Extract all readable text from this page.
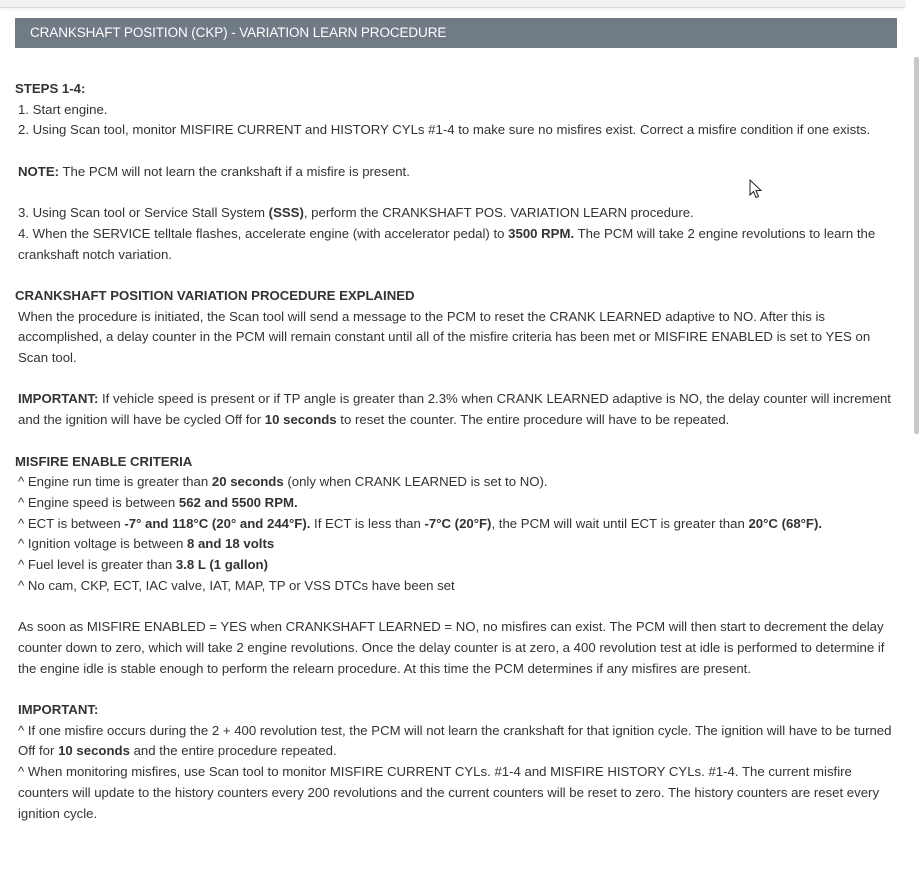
CRANKSHAFT POSITION (CKP) - VARIATION LEARN PROCEDURE
STEPS 1-4:
1. Start engine.
2. Using Scan tool, monitor MISFIRE CURRENT and HISTORY CYLs #1-4 to make sure no misfires exist. Correct a misfire condition if one exists.
NOTE: The PCM will not learn the crankshaft if a misfire is present.
3. Using Scan tool or Service Stall System (SSS), perform the CRANKSHAFT POS. VARIATION LEARN procedure.
4. When the SERVICE telltale flashes, accelerate engine (with accelerator pedal) to 3500 RPM. The PCM will take 2 engine revolutions to learn the crankshaft notch variation.
CRANKSHAFT POSITION VARIATION PROCEDURE EXPLAINED
When the procedure is initiated, the Scan tool will send a message to the PCM to reset the CRANK LEARNED adaptive to NO. After this is accomplished, a delay counter in the PCM will remain constant until all of the misfire criteria has been met or MISFIRE ENABLED is set to YES on Scan tool.
IMPORTANT: If vehicle speed is present or if TP angle is greater than 2.3% when CRANK LEARNED adaptive is NO, the delay counter will increment and the ignition will have be cycled Off for 10 seconds to reset the counter. The entire procedure will have to be repeated.
MISFIRE ENABLE CRITERIA
^ Engine run time is greater than 20 seconds (only when CRANK LEARNED is set to NO).
^ Engine speed is between 562 and 5500 RPM.
^ ECT is between -7° and 118°C (20° and 244°F). If ECT is less than -7°C (20°F), the PCM will wait until ECT is greater than 20°C (68°F).
^ Ignition voltage is between 8 and 18 volts
^ Fuel level is greater than 3.8 L (1 gallon)
^ No cam, CKP, ECT, IAC valve, IAT, MAP, TP or VSS DTCs have been set
As soon as MISFIRE ENABLED = YES when CRANKSHAFT LEARNED = NO, no misfires can exist. The PCM will then start to decrement the delay counter down to zero, which will take 2 engine revolutions. Once the delay counter is at zero, a 400 revolution test at idle is performed to determine if the engine idle is stable enough to perform the relearn procedure. At this time the PCM determines if any misfires are present.
IMPORTANT:
^ If one misfire occurs during the 2 + 400 revolution test, the PCM will not learn the crankshaft for that ignition cycle. The ignition will have to be turned Off for 10 seconds and the entire procedure repeated.
^ When monitoring misfires, use Scan tool to monitor MISFIRE CURRENT CYLs. #1-4 and MISFIRE HISTORY CYLs. #1-4. The current misfire counters will update to the history counters every 200 revolutions and the current counters will be reset to zero. The history counters are reset every ignition cycle.
